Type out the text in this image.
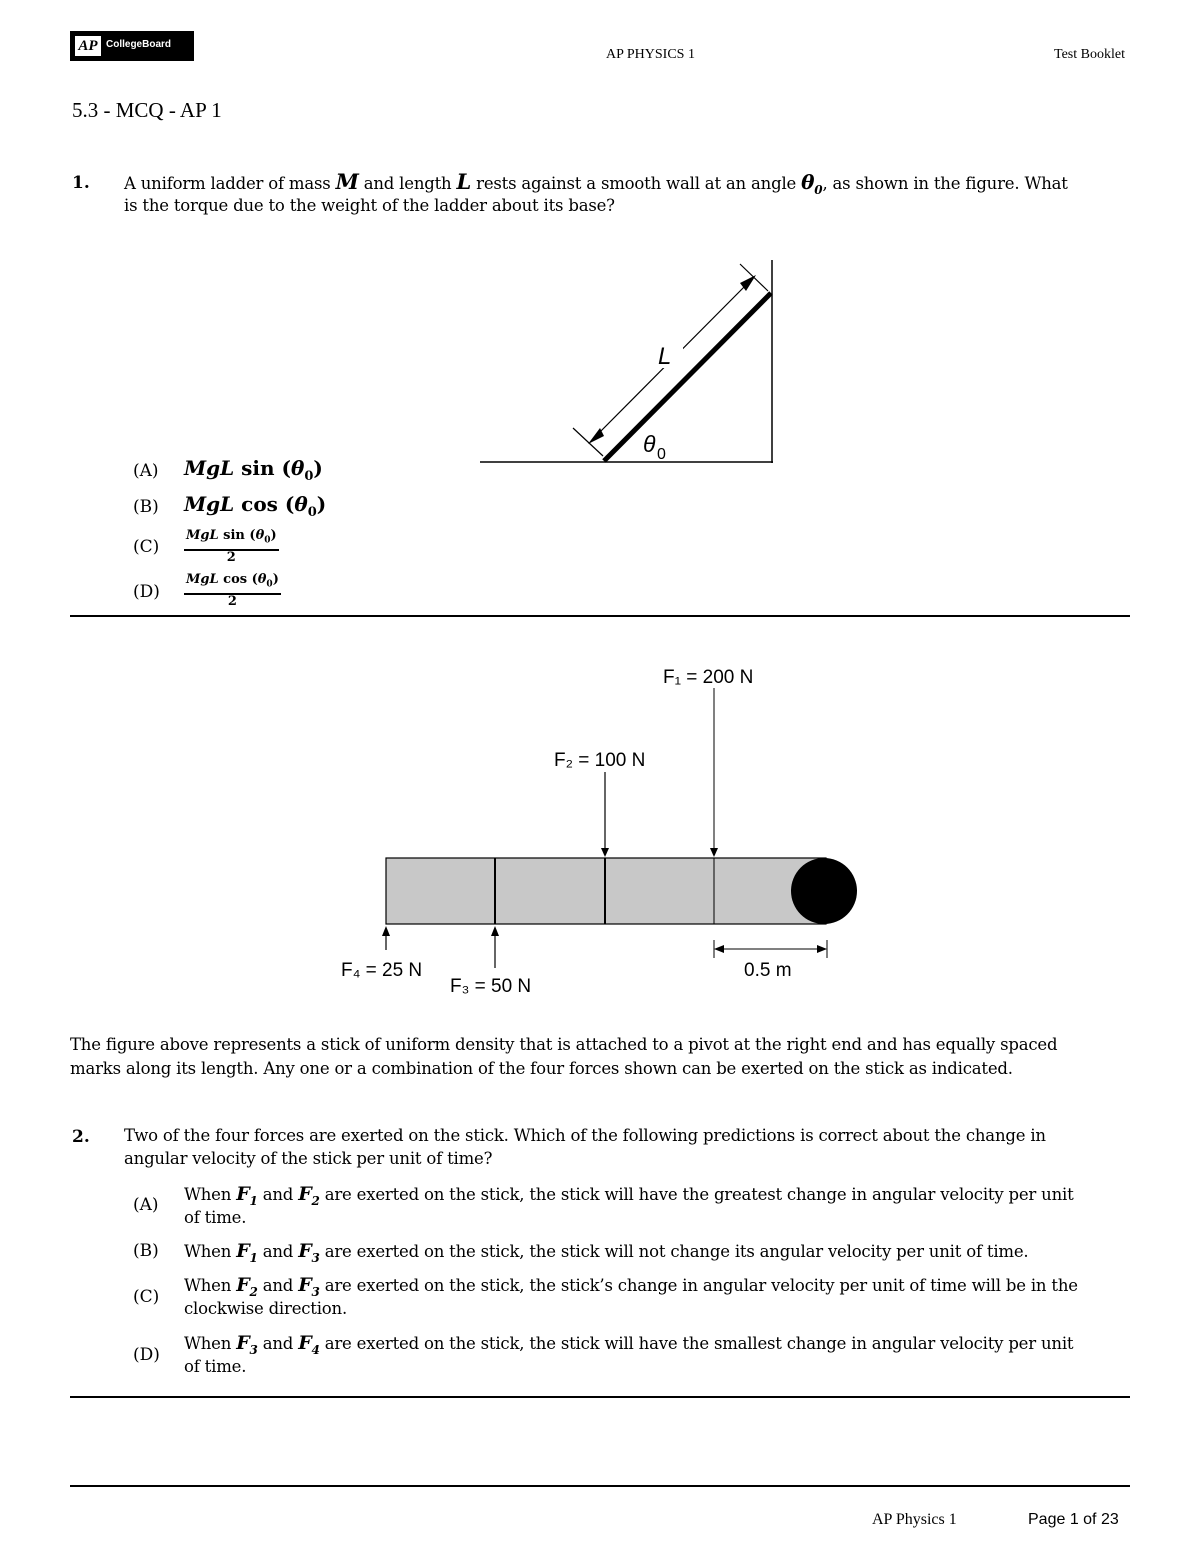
AP CollegeBoard
AP PHYSICS 1	Test Booklet
5.3 - MCQ - AP 1
1. A uniform ladder of mass M and length L rests against a smooth wall at an angle $\theta_0$, as shown in the figure. What
is the torque due to the weight of the ladder about its base?
L
θ 0
(A) MgL $\sin (\theta_0)$
(B) MgL $\cos (\theta_0)$
(C)
MgL $\sin (\theta_0)$
2
(D)
MgL $\cos (\theta_0)$
2
F₁ = 200 N
F₂ = 100 N
F₃ = 50 N
F₄ = 25 N	0.5 m
The figure above represents a stick of uniform density that is attached to a pivot at the right end and has equally spaced
marks along its length. Any one or a combination of the four forces shown can be exerted on the stick as indicated.
2. Two of the four forces are exerted on the stick. Which of the following predictions is correct about the change in
angular velocity of the stick per unit of time?
(A)
When $F_1$ and $F_2$ are exerted on the stick, the stick will have the greatest change in angular velocity per unit
of time.
(B) When $F_1$ and $F_3$ are exerted on the stick, the stick will not change its angular velocity per unit of time.
(C)
When $F_2$ and $F_3$ are exerted on the stick, the stick’s change in angular velocity per unit of time will be in the
clockwise direction.
(D)
When $F_3$ and $F_4$ are exerted on the stick, the stick will have the smallest change in angular velocity per unit
of time.
AP Physics 1	Page 1 of 23
